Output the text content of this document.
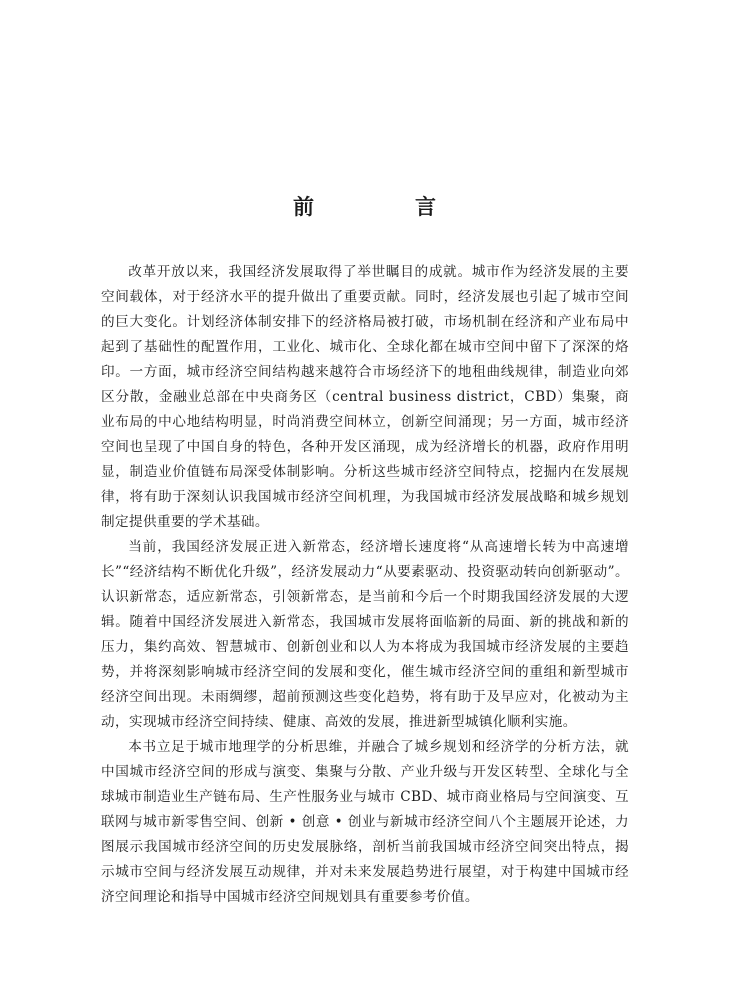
前　言

改革开放以来，我国经济发展取得了举世瞩目的成就。城市作为经济发展的主要空间载体，对于经济水平的提升做出了重要贡献。同时，经济发展也引起了城市空间的巨大变化。计划经济体制安排下的经济格局被打破，市场机制在经济和产业布局中起到了基础性的配置作用，工业化、城市化、全球化都在城市空间中留下了深深的烙印。一方面，城市经济空间结构越来越符合市场经济下的地租曲线规律，制造业向郊区分散，金融业总部在中央商务区（central business district，CBD）集聚，商业布局的中心地结构明显，时尚消费空间林立，创新空间涌现；另一方面，城市经济空间也呈现了中国自身的特色，各种开发区涌现，成为经济增长的机器，政府作用明显，制造业价值链布局深受体制影响。分析这些城市经济空间特点，挖掘内在发展规律，将有助于深刻认识我国城市经济空间机理，为我国城市经济发展战略和城乡规划制定提供重要的学术基础。

当前，我国经济发展正进入新常态，经济增长速度将“从高速增长转为中高速增长”“经济结构不断优化升级”，经济发展动力“从要素驱动、投资驱动转向创新驱动”。认识新常态，适应新常态，引领新常态，是当前和今后一个时期我国经济发展的大逻辑。随着中国经济发展进入新常态，我国城市发展将面临新的局面、新的挑战和新的压力，集约高效、智慧城市、创新创业和以人为本将成为我国城市经济发展的主要趋势，并将深刻影响城市经济空间的发展和变化，催生城市经济空间的重组和新型城市经济空间出现。未雨绸缪，超前预测这些变化趋势，将有助于及早应对，化被动为主动，实现城市经济空间持续、健康、高效的发展，推进新型城镇化顺利实施。

本书立足于城市地理学的分析思维，并融合了城乡规划和经济学的分析方法，就中国城市经济空间的形成与演变、集聚与分散、产业升级与开发区转型、全球化与全球城市制造业生产链布局、生产性服务业与城市 CBD、城市商业格局与空间演变、互联网与城市新零售空间、创新 • 创意 • 创业与新城市经济空间八个主题展开论述，力图展示我国城市经济空间的历史发展脉络，剖析当前我国城市经济空间突出特点，揭示城市空间与经济发展互动规律，并对未来发展趋势进行展望，对于构建中国城市经济空间理论和指导中国城市经济空间规划具有重要参考价值。
